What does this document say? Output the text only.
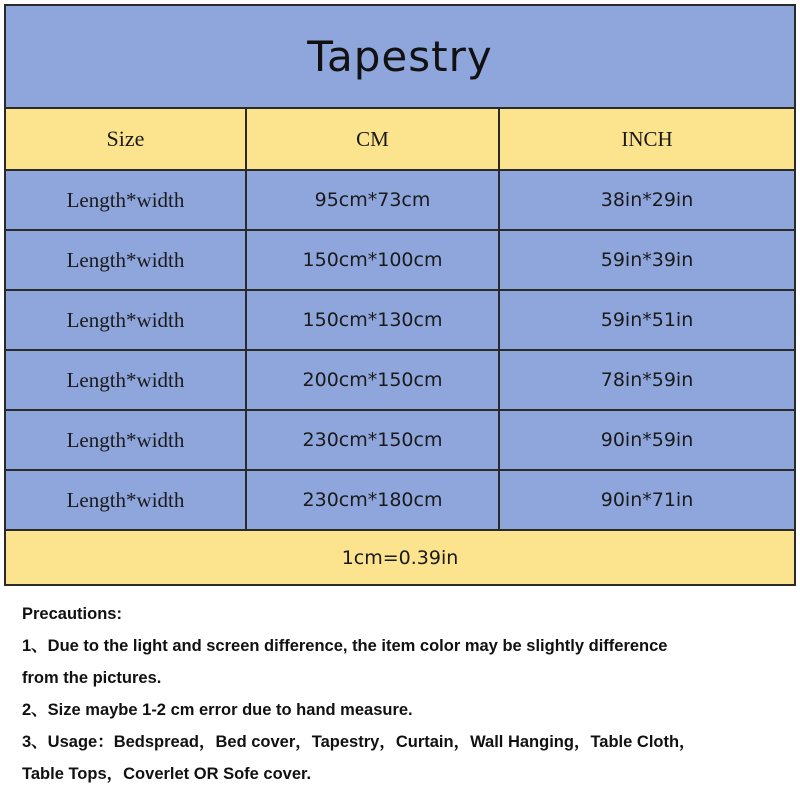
Tapestry
Size	CM	INCH
Length*width	95cm*73cm	38in*29in
Length*width	150cm*100cm	59in*39in
Length*width	150cm*130cm	59in*51in
Length*width	200cm*150cm	78in*59in
Length*width	230cm*150cm	90in*59in
Length*width	230cm*180cm	90in*71in
1cm=0.39in

Precautions:

1、Due to the light and screen difference, the item color may be slightly difference

from the pictures.

2、Size maybe 1-2 cm error due to hand measure.

3、Usage：Bedspread，Bed cover，Tapestry，Curtain，Wall Hanging，Table Cloth，

Table Tops，Coverlet OR Sofe cover.
